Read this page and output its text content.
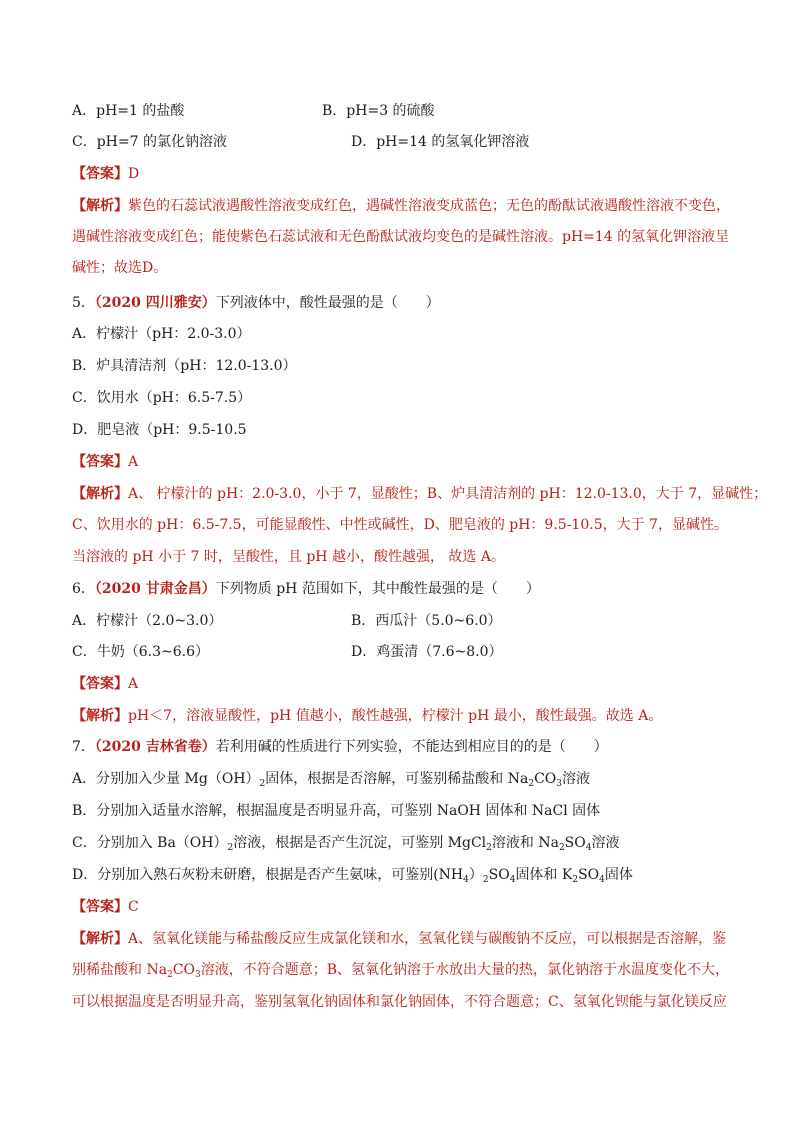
A．pH=1 的盐酸	B．pH=3 的硫酸
C．pH=7 的氯化钠溶液	D．pH=14 的氢氧化钾溶液
【答案】D
【解析】紫色的石蕊试液遇酸性溶液变成红色，遇碱性溶液变成蓝色；无色的酚酞试液遇酸性溶液不变色，
遇碱性溶液变成红色；能使紫色石蕊试液和无色酚酞试液均变色的是碱性溶液。pH=14 的氢氧化钾溶液呈
碱性；故选D。
5．（2020 四川雅安）下列液体中，酸性最强的是（　　）
A．柠檬汁（pH：2.0-3.0）
B．炉具清洁剂（pH：12.0-13.0）
C．饮用水（pH：6.5-7.5）
D．肥皂液（pH：9.5-10.5
【答案】A
【解析】A、 柠檬汁的 pH：2.0-3.0，小于 7，显酸性；B、炉具清洁剂的 pH：12.0-13.0，大于 7，显碱性；
C、饮用水的 pH：6.5-7.5，可能显酸性、中性或碱性，D、肥皂液的 pH：9.5-10.5，大于 7，显碱性。
当溶液的 pH 小于 7 时，呈酸性，且 pH 越小，酸性越强， 故选 A。
6．（2020 甘肃金昌）下列物质 pH 范围如下，其中酸性最强的是（　　）
A．柠檬汁（2.0~3.0）	B．西瓜汁（5.0~6.0）
C．牛奶（6.3~6.6）	D．鸡蛋清（7.6~8.0）
【答案】A
【解析】pH＜7，溶液显酸性，pH 值越小，酸性越强，柠檬汁 pH 最小，酸性最强。故选 A。
7．（2020 吉林省卷）若利用碱的性质进行下列实验，不能达到相应目的的是（　　）
A．分别加入少量 $Mg(OH)_2$固体，根据是否溶解，可鉴别稀盐酸和 $Na_2CO_3$溶液
B．分别加入适量水溶解，根据温度是否明显升高，可鉴别 NaOH 固体和 NaCl 固体
C．分别加入 $Ba(OH)_2$溶液，根据是否产生沉淀，可鉴别 MgCl$_2$溶液和 $Na_2SO_4$溶液
D．分别加入熟石灰粉末研磨，根据是否产生氨味，可鉴别$(NH_4)_2SO_4$固体和 $K_2SO_4$固体
【答案】C
【解析】A、氢氧化镁能与稀盐酸反应生成氯化镁和水，氢氧化镁与碳酸钠不反应，可以根据是否溶解，鉴
别稀盐酸和 $Na_2CO_3$溶液，不符合题意；B、氢氧化钠溶于水放出大量的热，氯化钠溶于水温度变化不大，
可以根据温度是否明显升高，鉴别氢氧化钠固体和氯化钠固体，不符合题意；C、氢氧化钡能与氯化镁反应
